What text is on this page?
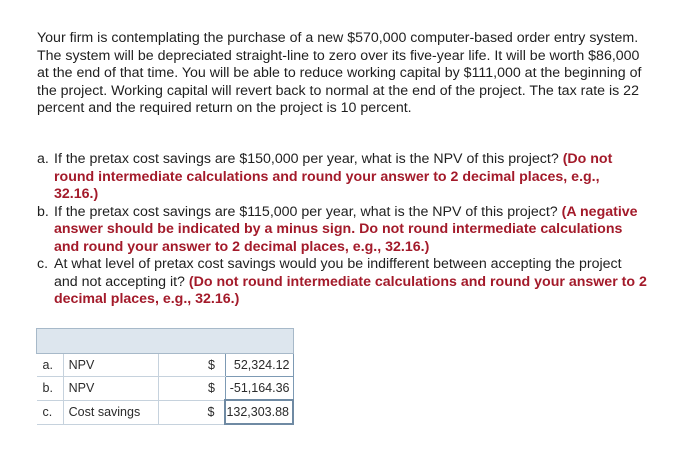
Your firm is contemplating the purchase of a new $570,000 computer-based order entry system. The system will be depreciated straight-line to zero over its five-year life. It will be worth $86,000 at the end of that time. You will be able to reduce working capital by $111,000 at the beginning of the project. Working capital will revert back to normal at the end of the project. The tax rate is 22 percent and the required return on the project is 10 percent.
a. If the pretax cost savings are $150,000 per year, what is the NPV of this project? (Do not round intermediate calculations and round your answer to 2 decimal places, e.g., 32.16.)
b. If the pretax cost savings are $115,000 per year, what is the NPV of this project? (A negative answer should be indicated by a minus sign. Do not round intermediate calculations and round your answer to 2 decimal places, e.g., 32.16.)
c. At what level of pretax cost savings would you be indifferent between accepting the project and not accepting it? (Do not round intermediate calculations and round your answer to 2 decimal places, e.g., 32.16.)

a.	NPV	$	52,324.12
b.	NPV	$	-51,164.36
c.	Cost savings	$	132,303.88
